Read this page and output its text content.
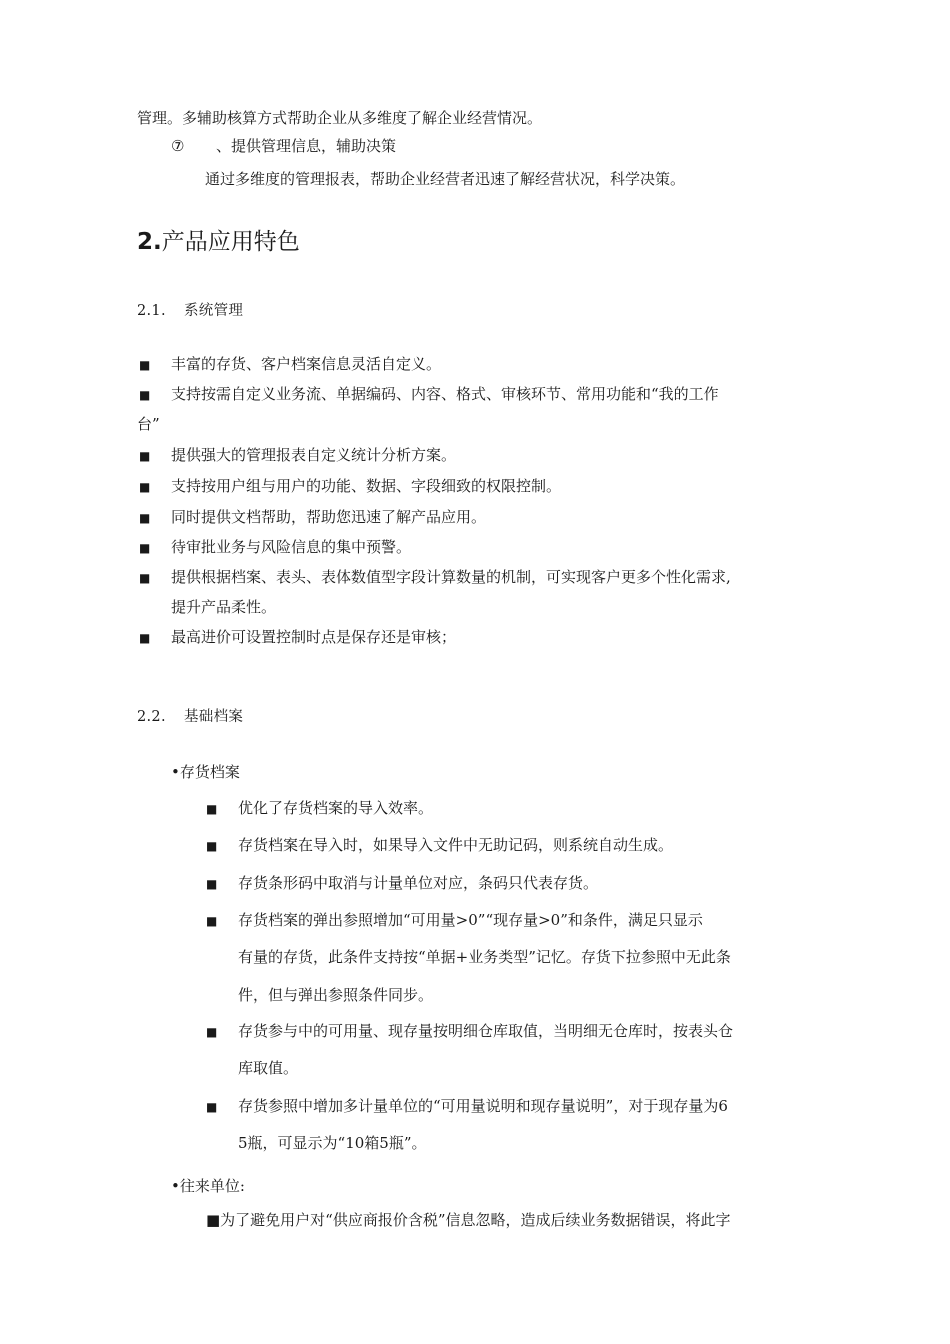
管理。多辅助核算方式帮助企业从多维度了解企业经营情况。
⑦ 、提供管理信息，辅助决策
通过多维度的管理报表，帮助企业经营者迅速了解经营状况，科学决策。
2.产品应用特色
2.1. 系统管理
■ 丰富的存货、客户档案信息灵活自定义。
■ 支持按需自定义业务流、单据编码、内容、格式、审核环节、常用功能和“我的工作
台”
■ 提供强大的管理报表自定义统计分析方案。
■ 支持按用户组与用户的功能、数据、字段细致的权限控制。
■ 同时提供文档帮助，帮助您迅速了解产品应用。
■ 待审批业务与风险信息的集中预警。
■ 提供根据档案、表头、表体数值型字段计算数量的机制，可实现客户更多个性化需求,
提升产品柔性。
■ 最高进价可设置控制时点是保存还是审核；
2.2. 基础档案
•存货档案
■ 优化了存货档案的导入效率。
■ 存货档案在导入时，如果导入文件中无助记码，则系统自动生成。
■ 存货条形码中取消与计量单位对应，条码只代表存货。
■ 存货档案的弹出参照增加“可用量>0”“现存量>0”和条件，满足只显示
有量的存货，此条件支持按“单据+业务类型”记忆。存货下拉参照中无此条
件，但与弹出参照条件同步。
■ 存货参与中的可用量、现存量按明细仓库取值，当明细无仓库时，按表头仓
库取值。
■ 存货参照中增加多计量单位的“可用量说明和现存量说明”，对于现存量为6
5瓶，可显示为“10箱5瓶”。
•往来单位:
■为了避免用户对“供应商报价含税”信息忽略，造成后续业务数据错误，将此字
